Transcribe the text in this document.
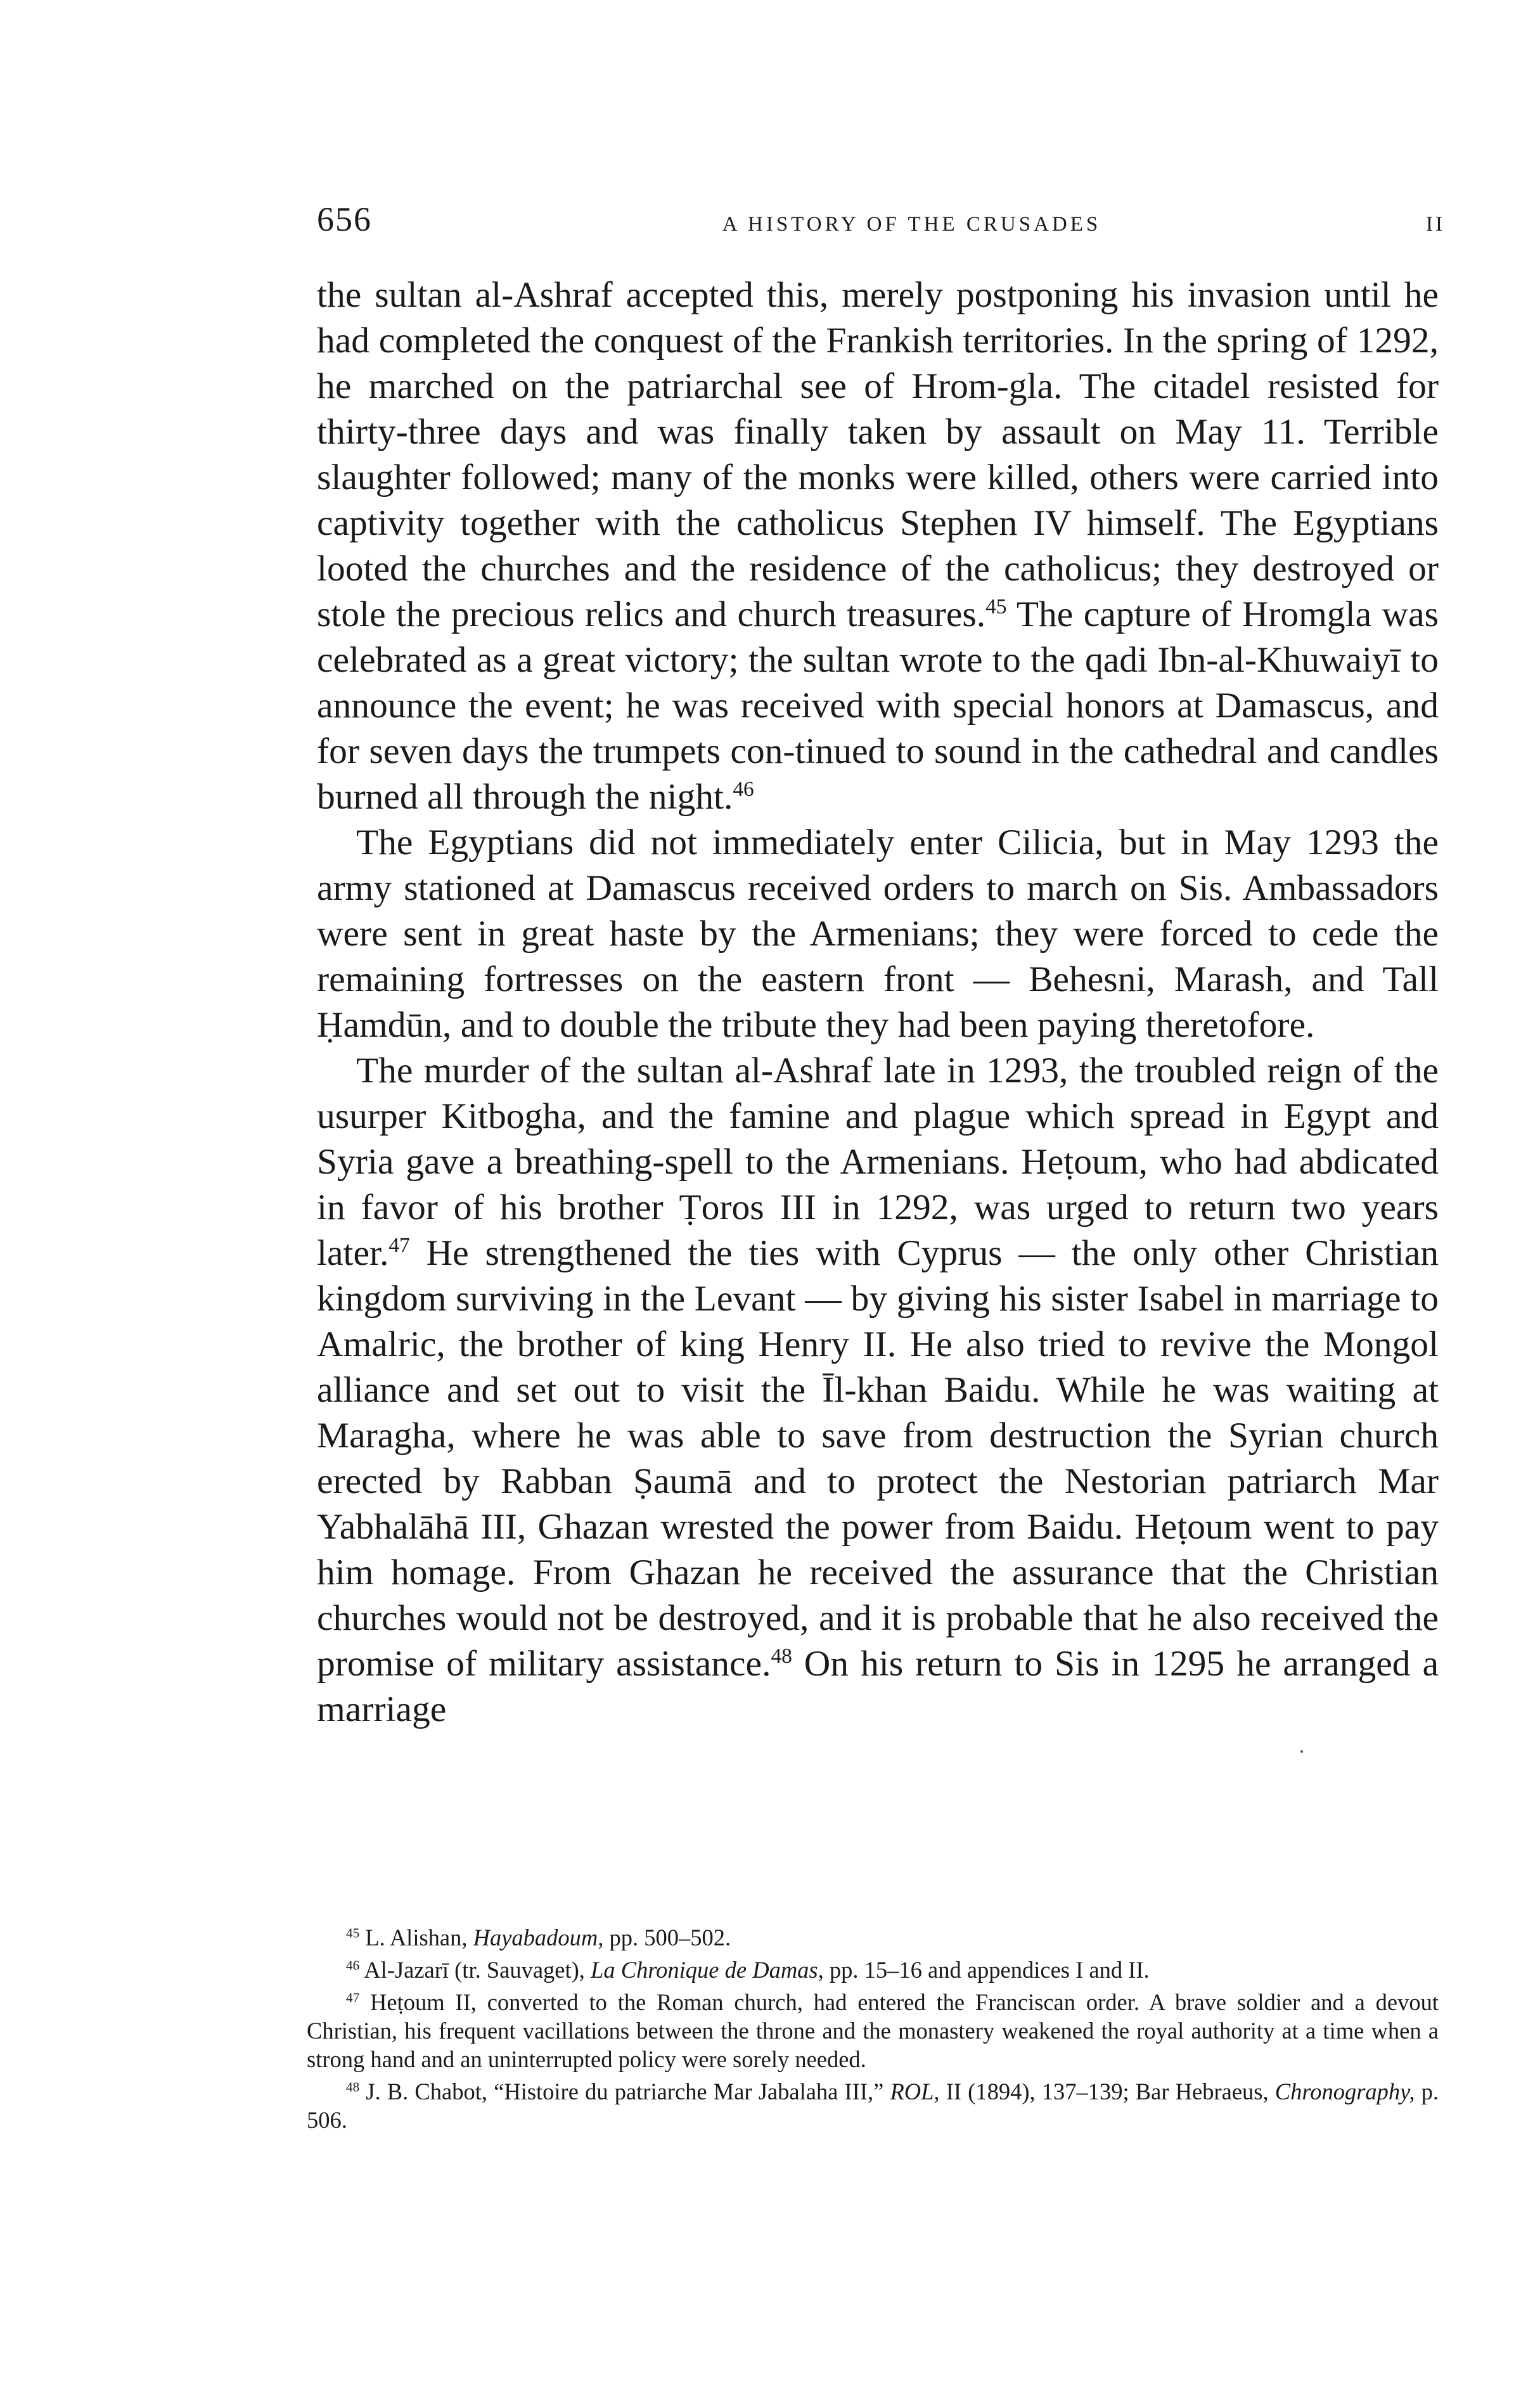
656	A HISTORY OF THE CRUSADES	II

the sultan al-Ashraf accepted this, merely postponing his invasion until he had completed the conquest of the Frankish territories. In the spring of 1292, he marched on the patriarchal see of Hrom-gla. The citadel resisted for thirty-three days and was finally taken by assault on May 11. Terrible slaughter followed; many of the monks were killed, others were carried into captivity together with the catholicus Stephen IV himself. The Egyptians looted the churches and the residence of the catholicus; they destroyed or stole the precious relics and church treasures.$^{45}$ The capture of Hromgla was celebrated as a great victory; the sultan wrote to the qadi Ibn-al-Khuwaiyī to announce the event; he was received with special honors at Damascus, and for seven days the trumpets con-tinued to sound in the cathedral and candles burned all through the night.$^{46}$

The Egyptians did not immediately enter Cilicia, but in May 1293 the army stationed at Damascus received orders to march on Sis. Ambassadors were sent in great haste by the Armenians; they were forced to cede the remaining fortresses on the eastern front — Behesni, Marash, and Tall Ḥamdūn, and to double the tribute they had been paying theretofore.

The murder of the sultan al-Ashraf late in 1293, the troubled reign of the usurper Kitbogha, and the famine and plague which spread in Egypt and Syria gave a breathing-spell to the Armenians. Heṭoum, who had abdicated in favor of his brother Ṭoros III in 1292, was urged to return two years later.$^{47}$ He strengthened the ties with Cyprus — the only other Christian kingdom surviving in the Levant — by giving his sister Isabel in marriage to Amalric, the brother of king Henry II. He also tried to revive the Mongol alliance and set out to visit the Īl-khan Baidu. While he was waiting at Maragha, where he was able to save from destruction the Syrian church erected by Rabban Ṣaumā and to protect the Nestorian patriarch Mar Yabhalāhā III, Ghazan wrested the power from Baidu. Heṭoum went to pay him homage. From Ghazan he received the assurance that the Christian churches would not be destroyed, and it is probable that he also received the promise of military assistance.$^{48}$ On his return to Sis in 1295 he arranged a marriage

$^{45}$ L. Alishan, Hayabadoum, pp. 500–502.

$^{46}$ Al-Jazarī (tr. Sauvaget), La Chronique de Damas, pp. 15–16 and appendices I and II.

$^{47}$ Heṭoum II, converted to the Roman church, had entered the Franciscan order. A brave soldier and a devout Christian, his frequent vacillations between the throne and the monastery weakened the royal authority at a time when a strong hand and an uninterrupted policy were sorely needed.

$^{48}$ J. B. Chabot, “Histoire du patriarche Mar Jabalaha III,” ROL, II (1894), 137–139; Bar Hebraeus, Chronography, p. 506.
